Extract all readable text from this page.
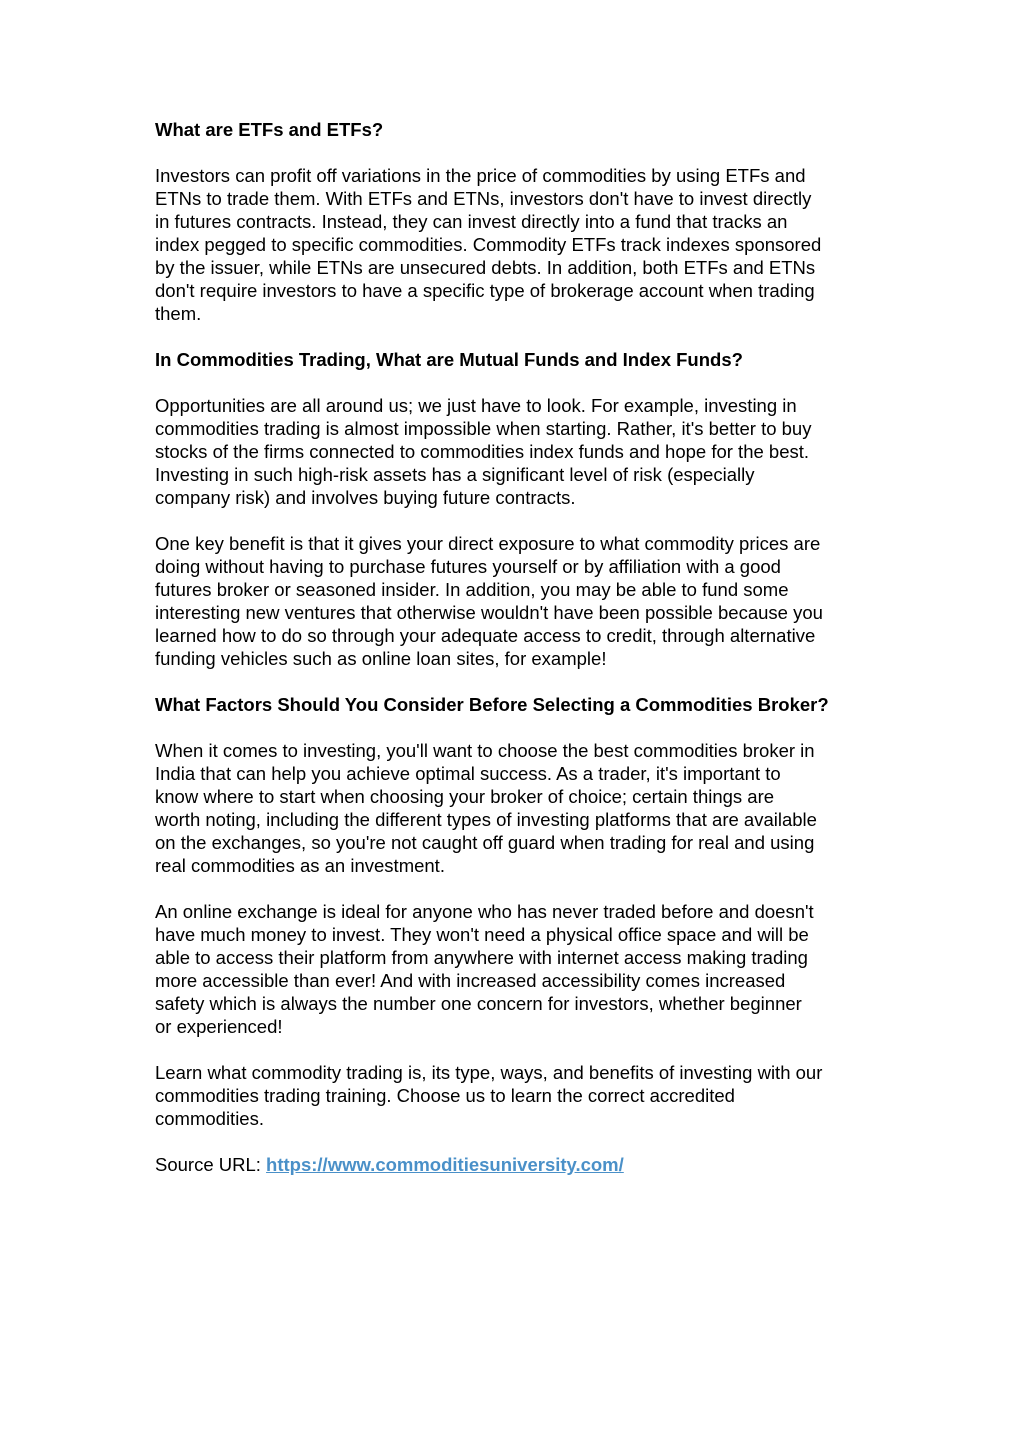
What are ETFs and ETFs?

Investors can profit off variations in the price of commodities by using ETFs and
ETNs to trade them. With ETFs and ETNs, investors don't have to invest directly
in futures contracts. Instead, they can invest directly into a fund that tracks an
index pegged to specific commodities. Commodity ETFs track indexes sponsored
by the issuer, while ETNs are unsecured debts. In addition, both ETFs and ETNs
don't require investors to have a specific type of brokerage account when trading
them.

In Commodities Trading, What are Mutual Funds and Index Funds?

Opportunities are all around us; we just have to look. For example, investing in
commodities trading is almost impossible when starting. Rather, it's better to buy
stocks of the firms connected to commodities index funds and hope for the best.
Investing in such high-risk assets has a significant level of risk (especially
company risk) and involves buying future contracts.

One key benefit is that it gives your direct exposure to what commodity prices are
doing without having to purchase futures yourself or by affiliation with a good
futures broker or seasoned insider. In addition, you may be able to fund some
interesting new ventures that otherwise wouldn't have been possible because you
learned how to do so through your adequate access to credit, through alternative
funding vehicles such as online loan sites, for example!

What Factors Should You Consider Before Selecting a Commodities Broker?

When it comes to investing, you'll want to choose the best commodities broker in
India that can help you achieve optimal success. As a trader, it's important to
know where to start when choosing your broker of choice; certain things are
worth noting, including the different types of investing platforms that are available
on the exchanges, so you're not caught off guard when trading for real and using
real commodities as an investment.

An online exchange is ideal for anyone who has never traded before and doesn't
have much money to invest. They won't need a physical office space and will be
able to access their platform from anywhere with internet access making trading
more accessible than ever! And with increased accessibility comes increased
safety which is always the number one concern for investors, whether beginner
or experienced!

Learn what commodity trading is, its type, ways, and benefits of investing with our
commodities trading training. Choose us to learn the correct accredited
commodities.

Source URL: https://www.commoditiesuniversity.com/
